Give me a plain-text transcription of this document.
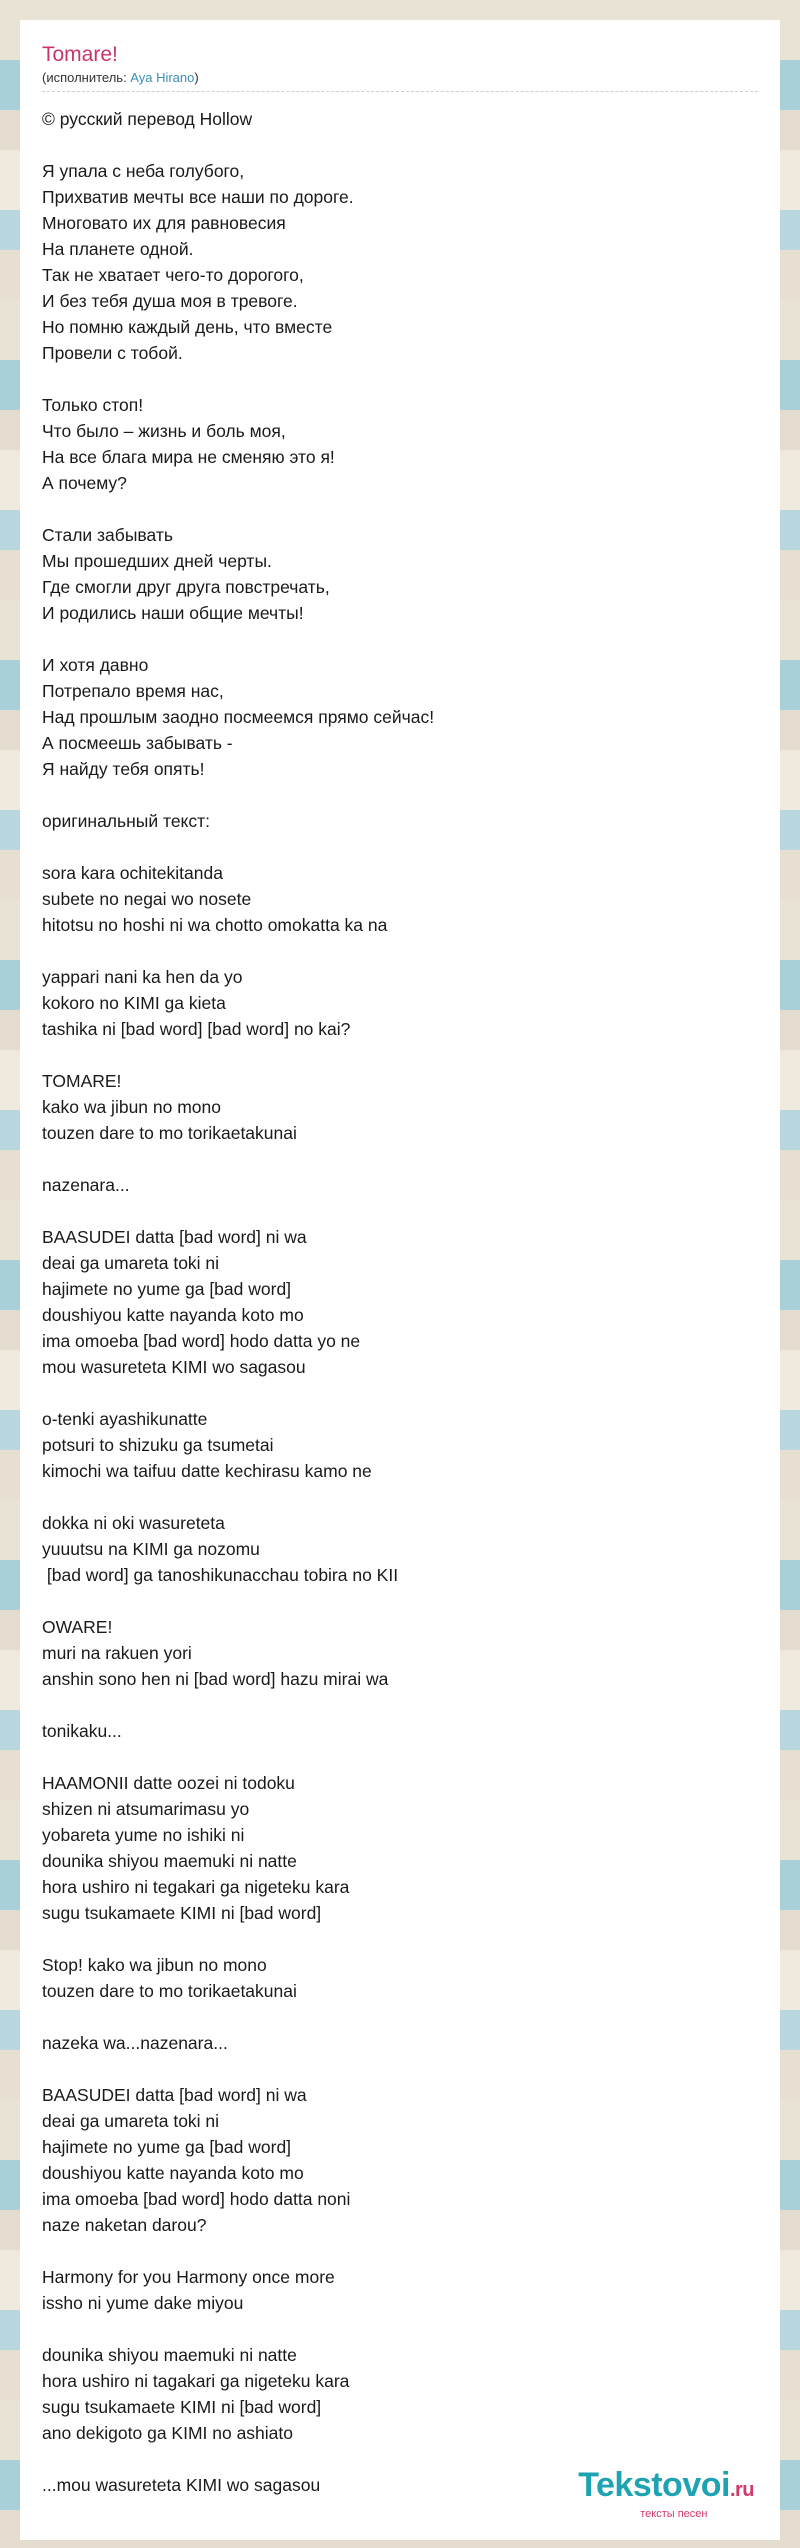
Tomare!
(исполнитель: Aya Hirano)
© русский перевод Hollow
Я упала с неба голубого,
Прихватив мечты все наши по дороге.
Многовато их для равновесия
На планете одной.
Так не хватает чего-то дорогого,
И без тебя душа моя в тревоге.
Но помню каждый день, что вместе
Провели с тобой.
Только стоп!
Что было – жизнь и боль моя,
На все блага мира не сменяю это я!
А почему?
Стали забывать
Мы прошедших дней черты.
Где смогли друг друга повстречать,
И родились наши общие мечты!
И хотя давно
Потрепало время нас,
Над прошлым заодно посмеемся прямо сейчас!
А посмеешь забывать -
Я найду тебя опять!
оригинальный текст:
sora kara ochitekitanda
subete no negai wo nosete
hitotsu no hoshi ni wa chotto omokatta ka na
yappari nani ka hen da yo
kokoro no KIMI ga kieta
tashika ni [bad word] [bad word] no kai?
TOMARE!
kako wa jibun no mono
touzen dare to mo torikaetakunai
nazenara...
BAASUDEI datta [bad word] ni wa
deai ga umareta toki ni
hajimete no yume ga [bad word]
doushiyou katte nayanda koto mo
ima omoeba [bad word] hodo datta yo ne
mou wasureteta KIMI wo sagasou
o-tenki ayashikunatte
potsuri to shizuku ga tsumetai
kimochi wa taifuu datte kechirasu kamo ne
dokka ni oki wasureteta
yuuutsu na KIMI ga nozomu
[bad word] ga tanoshikunacchau tobira no KII
OWARE!
muri na rakuen yori
anshin sono hen ni [bad word] hazu mirai wa
tonikaku...
HAAMONII datte oozei ni todoku
shizen ni atsumarimasu yo
yobareta yume no ishiki ni
dounika shiyou maemuki ni natte
hora ushiro ni tegakari ga nigeteku kara
sugu tsukamaete KIMI ni [bad word]
Stop! kako wa jibun no mono
touzen dare to mo torikaetakunai
nazeka wa...nazenara...
BAASUDEI datta [bad word] ni wa
deai ga umareta toki ni
hajimete no yume ga [bad word]
doushiyou katte nayanda koto mo
ima omoeba [bad word] hodo datta noni
naze naketan darou?
Harmony for you Harmony once more
issho ni yume dake miyou
dounika shiyou maemuki ni natte
hora ushiro ni tagakari ga nigeteku kara
sugu tsukamaete KIMI ni [bad word]
ano dekigoto ga KIMI no ashiato
...mou wasureteta KIMI wo sagasou	Tekstovoi.ru
тексты песен
